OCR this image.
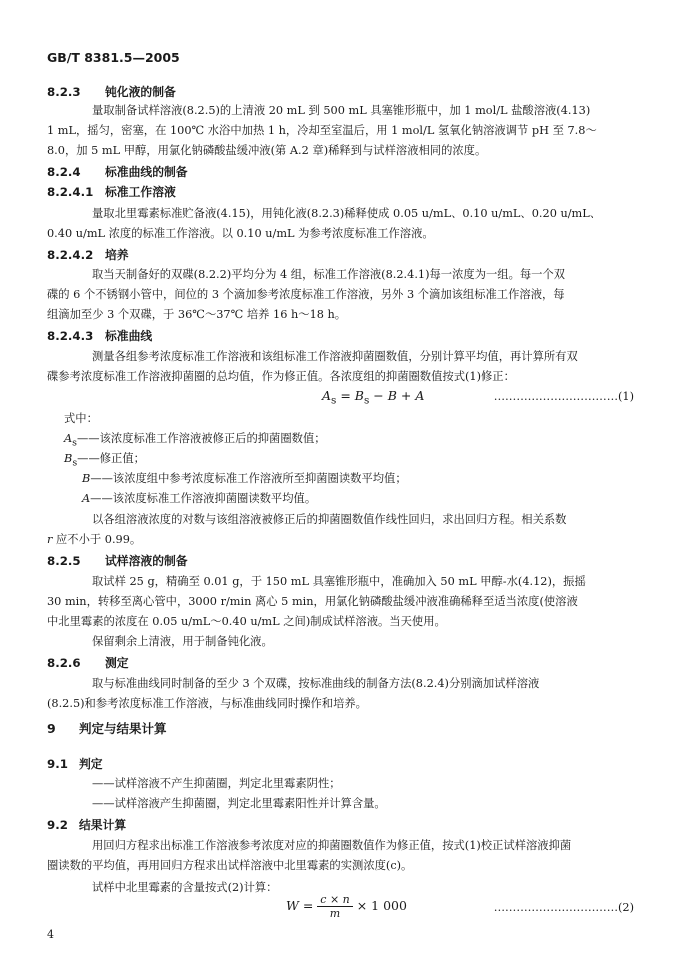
GB/T 8381.5—2005
8.2.3 钝化液的制备
量取制备试样溶液(8.2.5)的上清液 20 mL 到 500 mL 具塞锥形瓶中，加 1 mol/L 盐酸溶液(4.13)
1 mL，摇匀，密塞，在 100℃ 水浴中加热 1 h，冷却至室温后，用 1 mol/L 氢氧化钠溶液调节 pH 至 7.8～
8.0，加 5 mL 甲醇，用氯化钠磷酸盐缓冲液(第 A.2 章)稀释到与试样溶液相同的浓度。
8.2.4 标准曲线的制备
8.2.4.1 标准工作溶液
量取北里霉素标准贮备液(4.15)，用钝化液(8.2.3)稀释使成 0.05 u/mL、0.10 u/mL、0.20 u/mL、
0.40 u/mL 浓度的标准工作溶液。以 0.10 u/mL 为参考浓度标准工作溶液。
8.2.4.2 培养
取当天制备好的双碟(8.2.2)平均分为 4 组，标准工作溶液(8.2.4.1)每一浓度为一组。每一个双
碟的 6 个不锈钢小管中，间位的 3 个滴加参考浓度标准工作溶液，另外 3 个滴加该组标准工作溶液，每
组滴加至少 3 个双碟，于 36℃～37℃ 培养 16 h～18 h。
8.2.4.3 标准曲线
测量各组参考浓度标准工作溶液和该组标准工作溶液抑菌圈数值，分别计算平均值，再计算所有双
碟参考浓度标准工作溶液抑菌圈的总均值，作为修正值。各浓度组的抑菌圈数值按式(1)修正：
$A_s = B_s - B + A$	……………………………(1)
式中：
$A_s——$该浓度标准工作溶液被修正后的抑菌圈数值；
$B_s——$修正值；
B——该浓度组中参考浓度标准工作溶液所至抑菌圈读数平均值；
A——该浓度标准工作溶液抑菌圈读数平均值。
以各组溶液浓度的对数与该组溶液被修正后的抑菌圈数值作线性回归，求出回归方程。相关系数
r 应不小于 0.99。
8.2.5 试样溶液的制备
取试样 25 g，精确至 0.01 g，于 150 mL 具塞锥形瓶中，准确加入 50 mL 甲醇-水(4.12)，振摇
30 min，转移至离心管中，3000 r/min 离心 5 min，用氯化钠磷酸盐缓冲液准确稀释至适当浓度(使溶液
中北里霉素的浓度在 0.05 u/mL～0.40 u/mL 之间)制成试样溶液。当天使用。
保留剩余上清液，用于制备钝化液。
8.2.6 测定
取与标准曲线同时制备的至少 3 个双碟，按标准曲线的制备方法(8.2.4)分别滴加试样溶液
(8.2.5)和参考浓度标准工作溶液，与标准曲线同时操作和培养。
9 判定与结果计算
9.1 判定
——试样溶液不产生抑菌圈，判定北里霉素阴性；
——试样溶液产生抑菌圈，判定北里霉素阳性并计算含量。
9.2 结果计算
用回归方程求出标准工作溶液参考浓度对应的抑菌圈数值作为修正值，按式(1)校正试样溶液抑菌
圈读数的平均值，再用回归方程求出试样溶液中北里霉素的实测浓度(c)。
试样中北里霉素的含量按式(2)计算：
$W = \frac{c \times n}{m} \times 1$ 000	……………………………(2)
4
